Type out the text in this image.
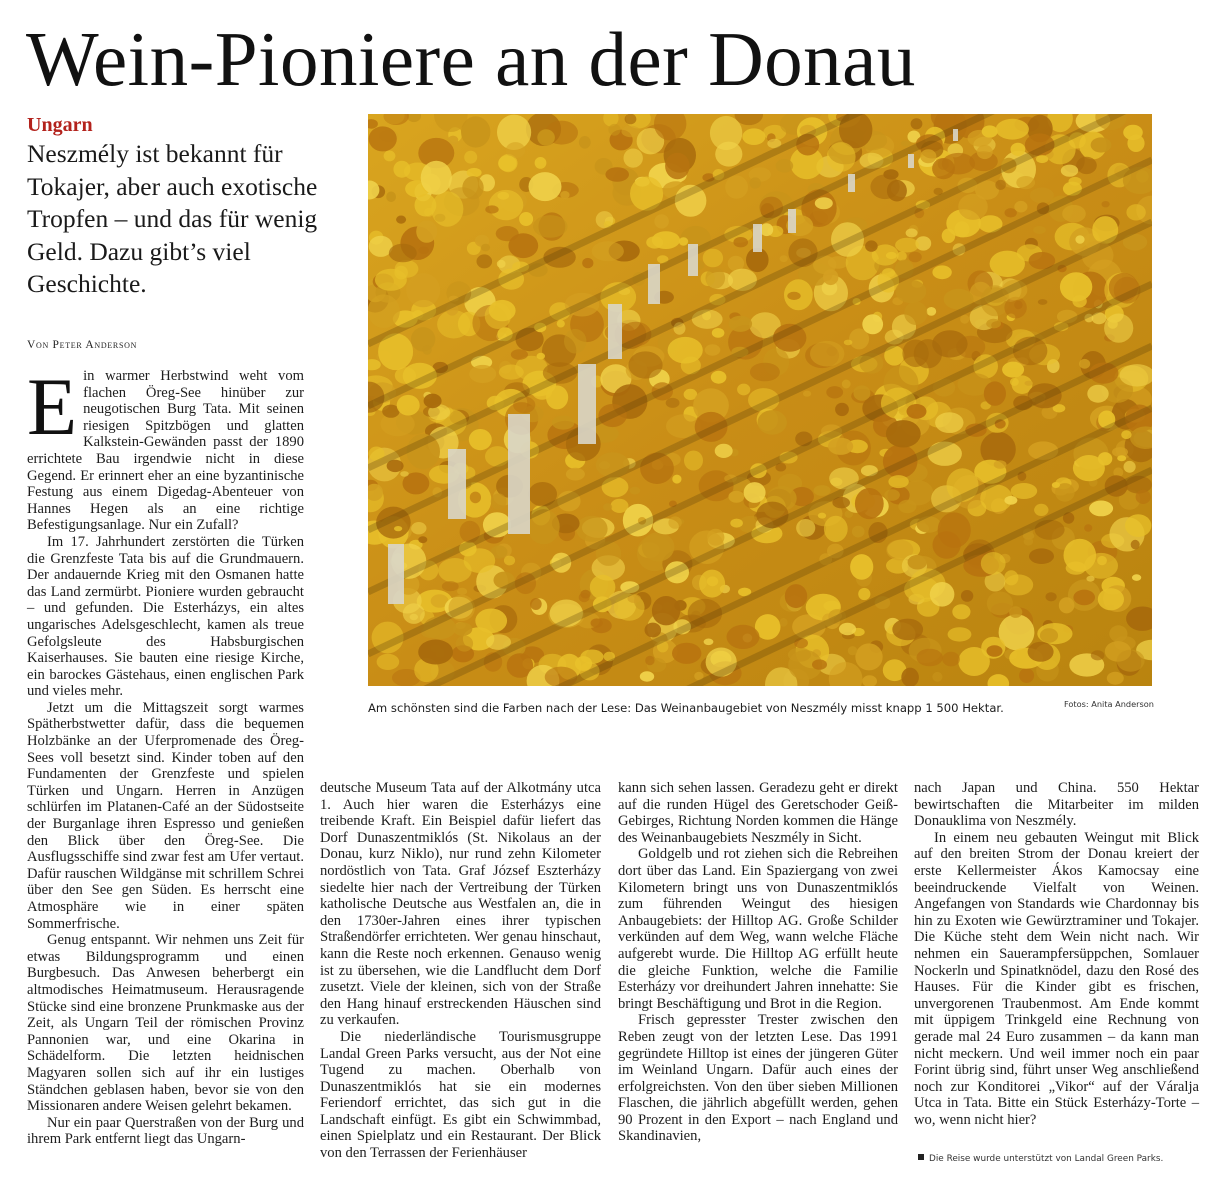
Wein-Pioniere an der Donau
Ungarn
Neszmély ist bekannt für Tokajer, aber auch exotische Tropfen – und das für wenig Geld. Dazu gibt’s viel Geschichte.
Von Peter Anderson

Ein warmer Herbstwind weht vom flachen Öreg-See hinüber zur neugotischen Burg Tata. Mit seinen riesigen Spitzbögen und glatten Kalkstein-Gewänden passt der 1890 errichtete Bau irgendwie nicht in diese Gegend. Er erinnert eher an eine byzantinische Festung aus einem Digedag-Abenteuer von Hannes Hegen als an eine richtige Befestigungsanlage. Nur ein Zufall?

Im 17. Jahrhundert zerstörten die Türken die Grenzfeste Tata bis auf die Grundmauern. Der andauernde Krieg mit den Osmanen hatte das Land zermürbt. Pioniere wurden gebraucht – und gefunden. Die Esterházys, ein altes ungarisches Adelsgeschlecht, kamen als treue Gefolgsleute des Habsburgischen Kaiserhauses. Sie bauten eine riesige Kirche, ein barockes Gästehaus, einen englischen Park und vieles mehr.

Jetzt um die Mittagszeit sorgt warmes Spätherbstwetter dafür, dass die bequemen Holzbänke an der Uferpromenade des Öreg-Sees voll besetzt sind. Kinder toben auf den Fundamenten der Grenzfeste und spielen Türken und Ungarn. Herren in Anzügen schlürfen im Platanen-Café an der Südostseite der Burganlage ihren Espresso und genießen den Blick über den Öreg-See. Die Ausflugsschiffe sind zwar fest am Ufer vertaut. Dafür rauschen Wildgänse mit schrillem Schrei über den See gen Süden. Es herrscht eine Atmosphäre wie in einer späten Sommerfrische.

Genug entspannt. Wir nehmen uns Zeit für etwas Bildungsprogramm und einen Burgbesuch. Das Anwesen beherbergt ein altmodisches Heimatmuseum. Herausragende Stücke sind eine bronzene Prunkmaske aus der Zeit, als Ungarn Teil der römischen Provinz Pannonien war, und eine Okarina in Schädelform. Die letzten heidnischen Magyaren sollen sich auf ihr ein lustiges Ständchen geblasen haben, bevor sie von den Missionaren andere Weisen gelehrt bekamen.

Nur ein paar Querstraßen von der Burg und ihrem Park entfernt liegt das Ungarn-

Am schönsten sind die Farben nach der Lese: Das Weinanbaugebiet von Neszmély misst knapp 1 500 Hektar.	Fotos: Anita Anderson

deutsche Museum Tata auf der Alkotmány utca 1. Auch hier waren die Esterházys eine treibende Kraft. Ein Beispiel dafür liefert das Dorf Dunaszentmiklós (St. Nikolaus an der Donau, kurz Niklo), nur rund zehn Kilometer nordöstlich von Tata. Graf József Eszterházy siedelte hier nach der Vertreibung der Türken katholische Deutsche aus Westfalen an, die in den 1730er-Jahren eines ihrer typischen Straßendörfer errichteten. Wer genau hinschaut, kann die Reste noch erkennen. Genauso wenig ist zu übersehen, wie die Landflucht dem Dorf zusetzt. Viele der kleinen, sich von der Straße den Hang hinauf erstreckenden Häuschen sind zu verkaufen.

Die niederländische Tourismusgruppe Landal Green Parks versucht, aus der Not eine Tugend zu machen. Oberhalb von Dunaszentmiklós hat sie ein modernes Feriendorf errichtet, das sich gut in die Landschaft einfügt. Es gibt ein Schwimmbad, einen Spielplatz und ein Restaurant. Der Blick von den Terrassen der Ferienhäuser

kann sich sehen lassen. Geradezu geht er direkt auf die runden Hügel des Geretschoder Geiß-Gebirges, Richtung Norden kommen die Hänge des Weinanbaugebiets Neszmély in Sicht.

Goldgelb und rot ziehen sich die Rebreihen dort über das Land. Ein Spaziergang von zwei Kilometern bringt uns von Dunaszentmiklós zum führenden Weingut des hiesigen Anbaugebiets: der Hilltop AG. Große Schilder verkünden auf dem Weg, wann welche Fläche aufgerebt wurde. Die Hilltop AG erfüllt heute die gleiche Funktion, welche die Familie Esterházy vor dreihundert Jahren innehatte: Sie bringt Beschäftigung und Brot in die Region.

Frisch gepresster Trester zwischen den Reben zeugt von der letzten Lese. Das 1991 gegründete Hilltop ist eines der jüngeren Güter im Weinland Ungarn. Dafür auch eines der erfolgreichsten. Von den über sieben Millionen Flaschen, die jährlich abgefüllt werden, gehen 90 Prozent in den Export – nach England und Skandinavien,

nach Japan und China. 550 Hektar bewirtschaften die Mitarbeiter im milden Donauklima von Neszmély.

In einem neu gebauten Weingut mit Blick auf den breiten Strom der Donau kreiert der erste Kellermeister Ákos Kamocsay eine beeindruckende Vielfalt von Weinen. Angefangen von Standards wie Chardonnay bis hin zu Exoten wie Gewürztraminer und Tokajer. Die Küche steht dem Wein nicht nach. Wir nehmen ein Sauerampfersüppchen, Somlauer Nockerln und Spinatknödel, dazu den Rosé des Hauses. Für die Kinder gibt es frischen, unvergorenen Traubenmost. Am Ende kommt mit üppigem Trinkgeld eine Rechnung von gerade mal 24 Euro zusammen – da kann man nicht meckern. Und weil immer noch ein paar Forint übrig sind, führt unser Weg anschließend noch zur Konditorei „Vikor“ auf der Váralja Utca in Tata. Bitte ein Stück Esterházy-Torte – wo, wenn nicht hier?

Die Reise wurde unterstützt von Landal Green Parks.
